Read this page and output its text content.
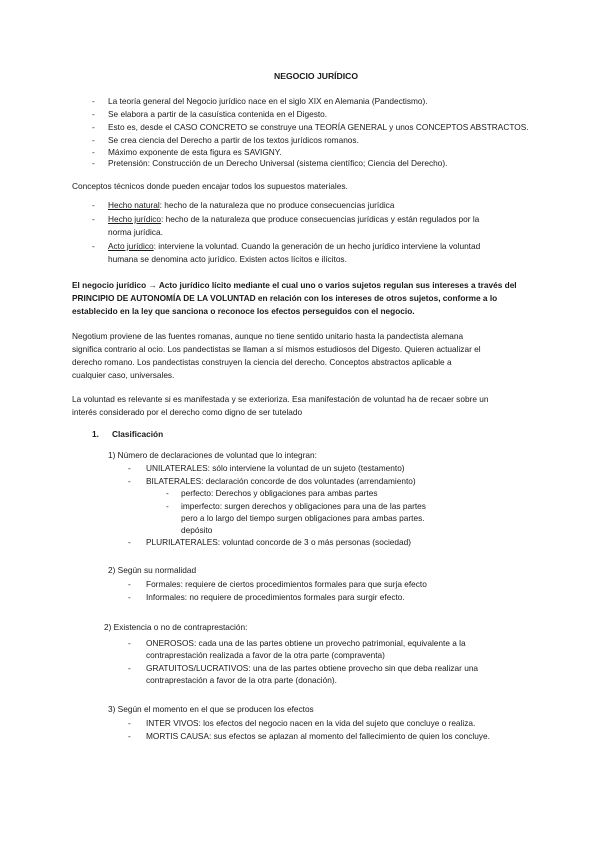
NEGOCIO JURÍDICO
- La teoría general del Negocio jurídico nace en el siglo XIX en Alemania (Pandectismo).
- Se elabora a partir de la casuística contenida en el Digesto.
- Esto es, desde el CASO CONCRETO se construye una TEORÍA GENERAL y unos CONCEPTOS ABSTRACTOS.
- Se crea ciencia del Derecho a partir de los textos jurídicos romanos.
- Máximo exponente de esta figura es SAVIGNY.
- Pretensión: Construcción de un Derecho Universal (sistema científico; Ciencia del Derecho).
Conceptos técnicos donde pueden encajar todos los supuestos materiales.
- Hecho natural: hecho de la naturaleza que no produce consecuencias jurídica
- Hecho jurídico: hecho de la naturaleza que produce consecuencias jurídicas y están regulados por la
norma jurídica.
- Acto jurídico: interviene la voluntad. Cuando la generación de un hecho jurídico interviene la voluntad
humana se denomina acto jurídico. Existen actos lícitos e ilícitos.
El negocio jurídico → Acto jurídico lícito mediante el cual uno o varios sujetos regulan sus intereses a través del
PRINCIPIO DE AUTONOMÍA DE LA VOLUNTAD en relación con los intereses de otros sujetos, conforme a lo
establecido en la ley que sanciona o reconoce los efectos perseguidos con el negocio.
Negotium proviene de las fuentes romanas, aunque no tiene sentido unitario hasta la pandectista alemana
significa contrario al ocio. Los pandectistas se llaman a sí mismos estudiosos del Digesto. Quieren actualizar el
derecho romano. Los pandectistas construyen la ciencia del derecho. Conceptos abstractos aplicable a
cualquier caso, universales.
La voluntad es relevante si es manifestada y se exterioriza. Esa manifestación de voluntad ha de recaer sobre un
interés considerado por el derecho como digno de ser tutelado
1. Clasificación
1) Número de declaraciones de voluntad que lo integran:
- UNILATERALES: sólo interviene la voluntad de un sujeto (testamento)
- BILATERALES: declaración concorde de dos voluntades (arrendamiento)
- perfecto: Derechos y obligaciones para ambas partes
- imperfecto: surgen derechos y obligaciones para una de las partes
pero a lo largo del tiempo surgen obligaciones para ambas partes.
depósito
- PLURILATERALES: voluntad concorde de 3 o más personas (sociedad)
2) Según su normalidad
- Formales: requiere de ciertos procedimientos formales para que surja efecto
- Informales: no requiere de procedimientos formales para surgir efecto.
2) Existencia o no de contraprestación:
- ONEROSOS: cada una de las partes obtiene un provecho patrimonial, equivalente a la
contraprestación realizada a favor de la otra parte (compraventa)
- GRATUITOS/LUCRATIVOS: una de las partes obtiene provecho sin que deba realizar una
contraprestación a favor de la otra parte (donación).
3) Según el momento en el que se producen los efectos
- INTER VIVOS: los efectos del negocio nacen en la vida del sujeto que concluye o realiza.
- MORTIS CAUSA: sus efectos se aplazan al momento del fallecimiento de quien los concluye.
